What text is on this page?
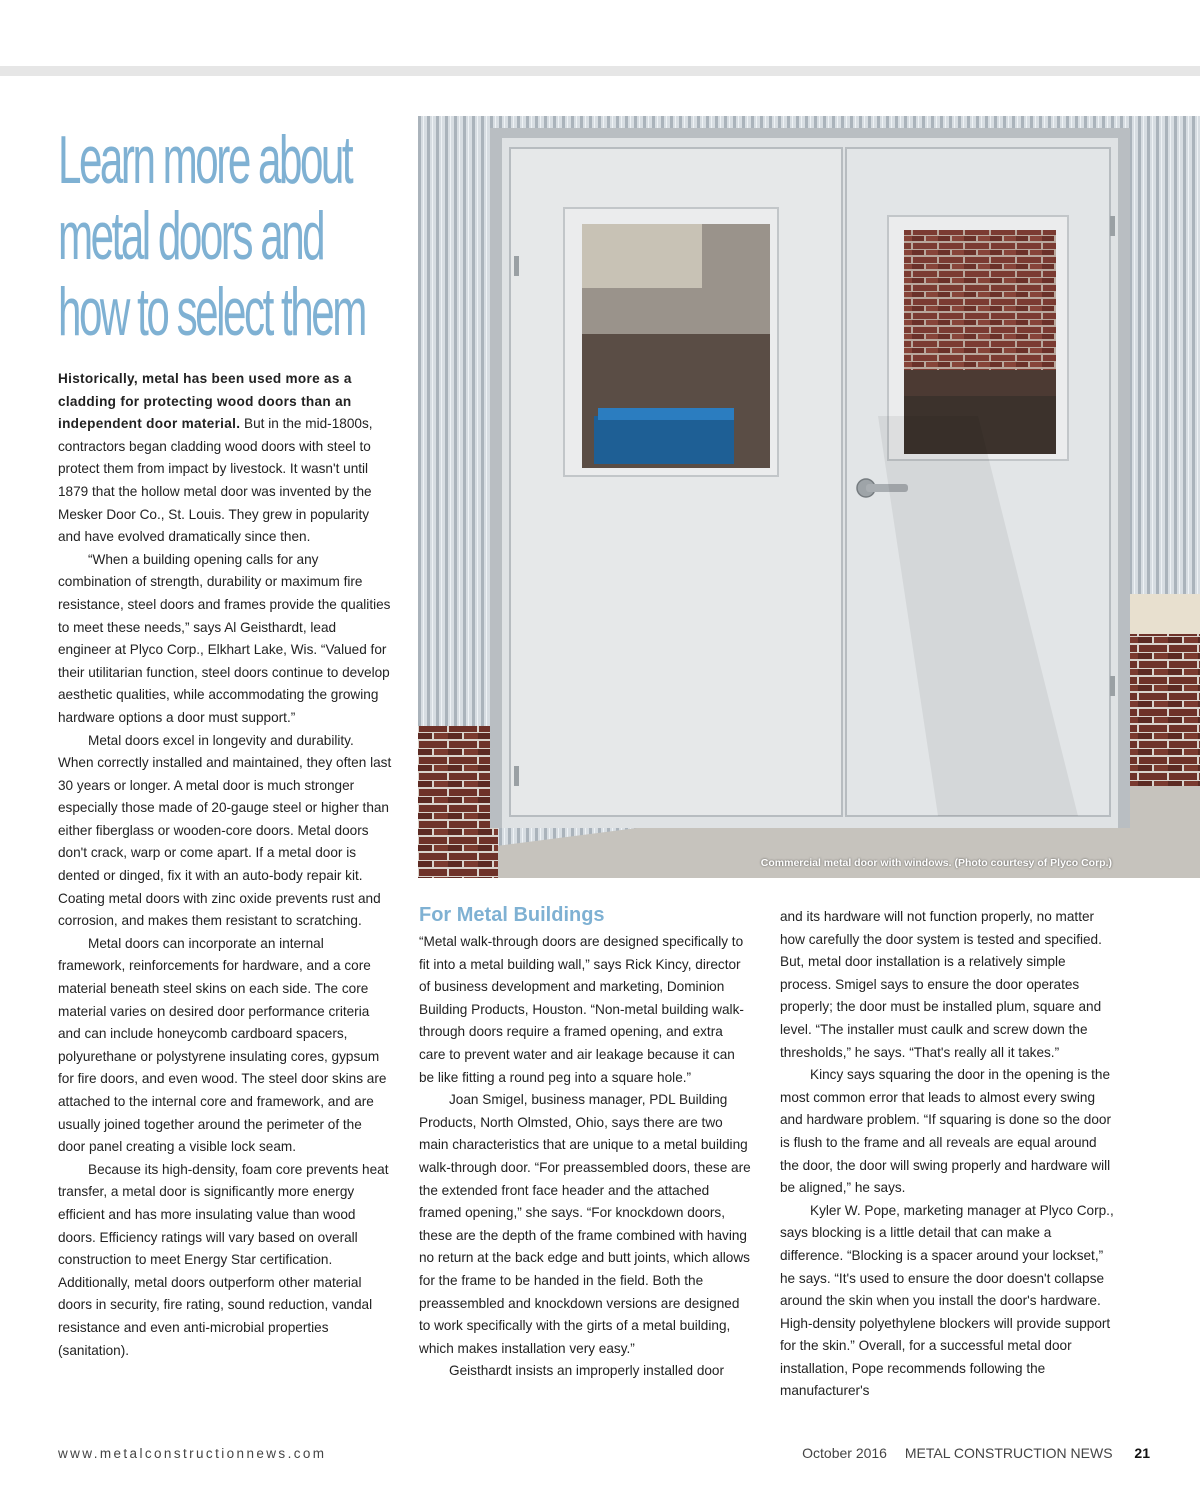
Learn more about
metal doors and
how to select them

Historically, metal has been used more as a cladding for protecting wood doors than an independent door material. But in the mid-1800s, contractors began cladding wood doors with steel to protect them from impact by livestock. It wasn't until 1879 that the hollow metal door was invented by the Mesker Door Co., St. Louis. They grew in popularity and have evolved dramatically since then.

“When a building opening calls for any combination of strength, durability or maximum fire resistance, steel doors and frames provide the qualities to meet these needs,” says Al Geisthardt, lead engineer at Plyco Corp., Elkhart Lake, Wis. “Valued for their utilitarian function, steel doors continue to develop aesthetic qualities, while accommodating the growing hardware options a door must support.”

Metal doors excel in longevity and durability. When correctly installed and maintained, they often last 30 years or longer. A metal door is much stronger especially those made of 20-gauge steel or higher than either fiberglass or wooden-core doors. Metal doors don't crack, warp or come apart. If a metal door is dented or dinged, fix it with an auto-body repair kit. Coating metal doors with zinc oxide prevents rust and corrosion, and makes them resistant to scratching.

Metal doors can incorporate an internal framework, reinforcements for hardware, and a core material beneath steel skins on each side. The core material varies on desired door performance criteria and can include honeycomb cardboard spacers, polyurethane or polystyrene insulating cores, gypsum for fire doors, and even wood. The steel door skins are attached to the internal core and framework, and are usually joined together around the perimeter of the door panel creating a visible lock seam.

Because its high-density, foam core prevents heat transfer, a metal door is significantly more energy efficient and has more insulating value than wood doors. Efficiency ratings will vary based on overall construction to meet Energy Star certification. Additionally, metal doors outperform other material doors in security, fire rating, sound reduction, vandal resistance and even anti-microbial properties (sanitation).

Commercial metal door with windows. (Photo courtesy of Plyco Corp.)
For Metal Buildings

“Metal walk-through doors are designed specifically to fit into a metal building wall,” says Rick Kincy, director of business development and marketing, Dominion Building Products, Houston. “Non-metal building walk-through doors require a framed opening, and extra care to prevent water and air leakage because it can be like fitting a round peg into a square hole.”

Joan Smigel, business manager, PDL Building Products, North Olmsted, Ohio, says there are two main characteristics that are unique to a metal building walk-through door. “For preassembled doors, these are the extended front face header and the attached framed opening,” she says. “For knockdown doors, these are the depth of the frame combined with having no return at the back edge and butt joints, which allows for the frame to be handed in the field. Both the preassembled and knockdown versions are designed to work specifically with the girts of a metal building, which makes installation very easy.”

Geisthardt insists an improperly installed door

and its hardware will not function properly, no matter how carefully the door system is tested and specified. But, metal door installation is a relatively simple process. Smigel says to ensure the door operates properly; the door must be installed plum, square and level. “The installer must caulk and screw down the thresholds,” he says. “That's really all it takes.”

Kincy says squaring the door in the opening is the most common error that leads to almost every swing and hardware problem. “If squaring is done so the door is flush to the frame and all reveals are equal around the door, the door will swing properly and hardware will be aligned,” he says.

Kyler W. Pope, marketing manager at Plyco Corp., says blocking is a little detail that can make a difference. “Blocking is a spacer around your lockset,” he says. “It's used to ensure the door doesn't collapse around the skin when you install the door's hardware. High-density polyethylene blockers will provide support for the skin.” Overall, for a successful metal door installation, Pope recommends following the manufacturer's

www.metalconstructionnews.com	October 2016 METAL CONSTRUCTION NEWS 21
